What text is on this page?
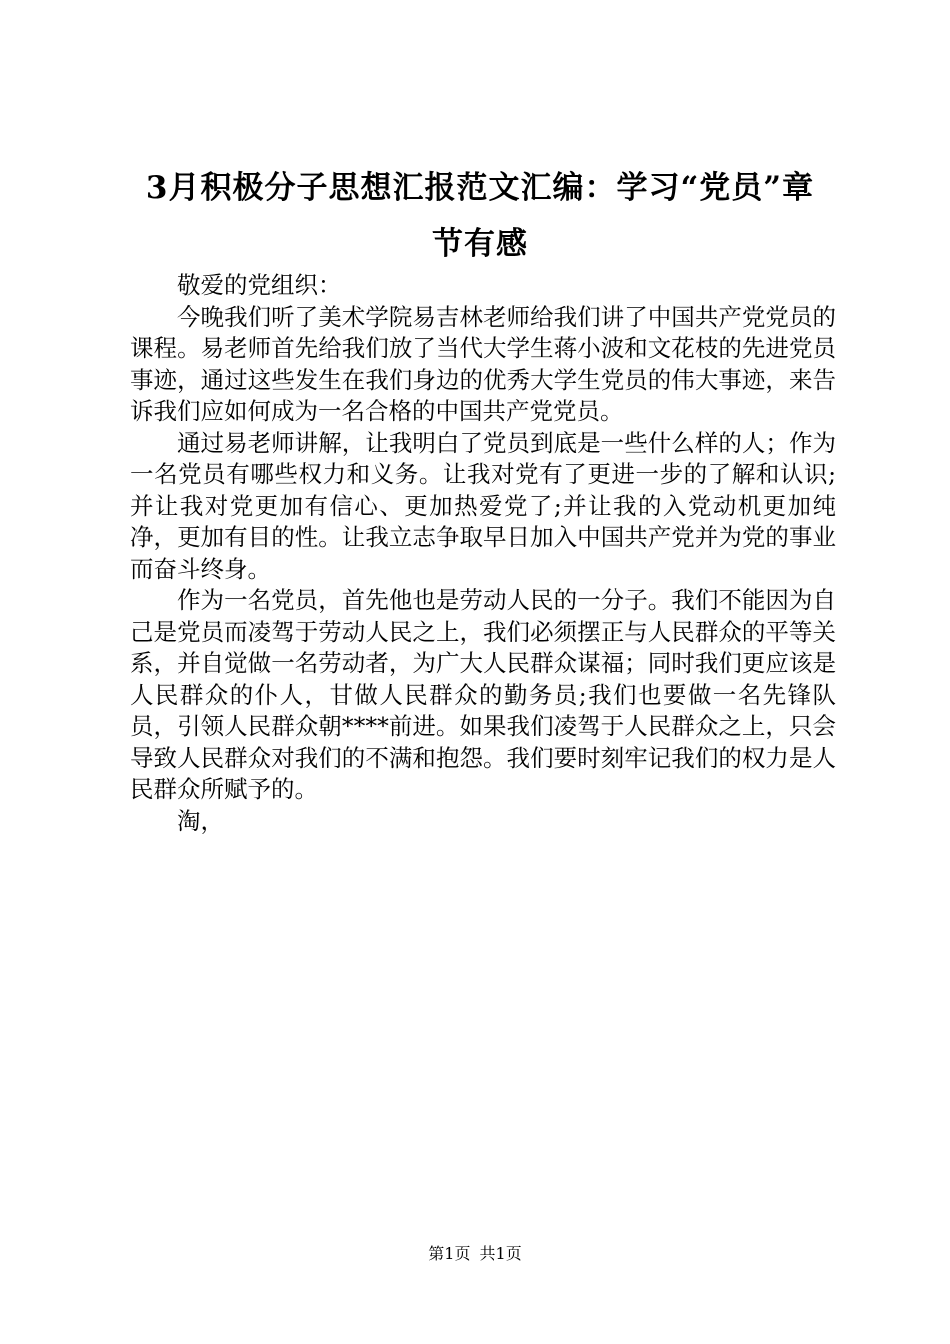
3月积极分子思想汇报范文汇编：学习“党员”章节有感

敬爱的党组织：

今晚我们听了美术学院易吉林老师给我们讲了中国共产党党员的课程。易老师首先给我们放了当代大学生蒋小波和文花枝的先进党员事迹，通过这些发生在我们身边的优秀大学生党员的伟大事迹，来告诉我们应如何成为一名合格的中国共产党党员。

通过易老师讲解，让我明白了党员到底是一些什么样的人；作为一名党员有哪些权力和义务。让我对党有了更进一步的了解和认识;并让我对党更加有信心、更加热爱党了;并让我的入党动机更加纯净，更加有目的性。让我立志争取早日加入中国共产党并为党的事业而奋斗终身。

作为一名党员，首先他也是劳动人民的一分子。我们不能因为自己是党员而凌驾于劳动人民之上，我们必须摆正与人民群众的平等关系，并自觉做一名劳动者，为广大人民群众谋福；同时我们更应该是人民群众的仆人，甘做人民群众的勤务员;我们也要做一名先锋队员，引领人民群众朝****前进。如果我们凌驾于人民群众之上，只会导致人民群众对我们的不满和抱怨。我们要时刻牢记我们的权力是人民群众所赋予的。

淘，

第1页 共1页
